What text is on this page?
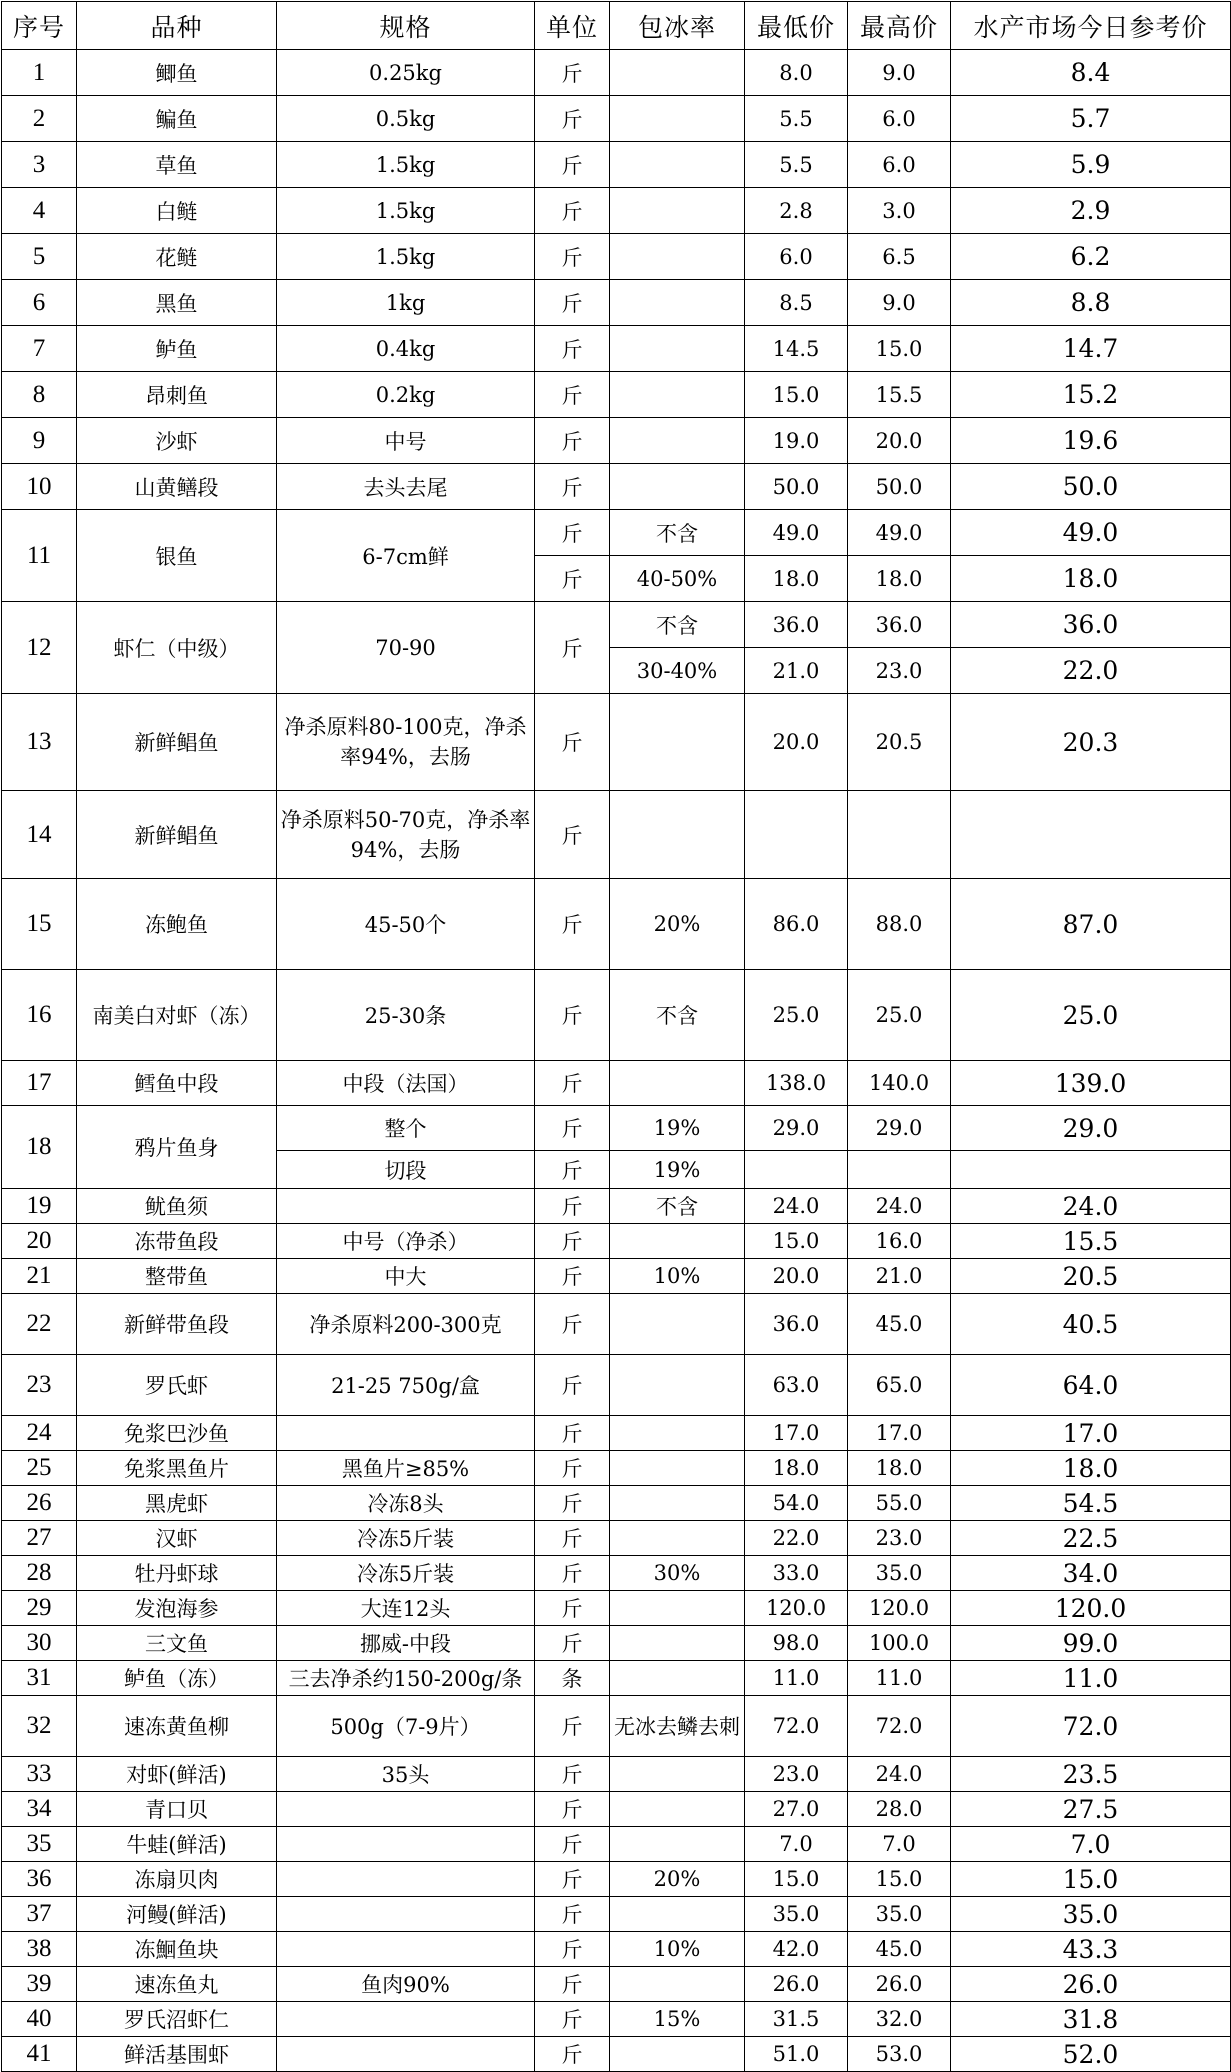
序号	品种	规格	单位	包冰率	最低价	最高价	水产市场今日参考价
1	鲫鱼	0.25kg	斤		8.0	9.0	8.4
2	鳊鱼	0.5kg	斤		5.5	6.0	5.7
3	草鱼	1.5kg	斤		5.5	6.0	5.9
4	白鲢	1.5kg	斤		2.8	3.0	2.9
5	花鲢	1.5kg	斤		6.0	6.5	6.2
6	黑鱼	1kg	斤		8.5	9.0	8.8
7	鲈鱼	0.4kg	斤		14.5	15.0	14.7
8	昂刺鱼	0.2kg	斤		15.0	15.5	15.2
9	沙虾	中号	斤		19.0	20.0	19.6
10	山黄鳝段	去头去尾	斤		50.0	50.0	50.0
11	银鱼	6-7cm鲜	斤	不含	49.0	49.0	49.0
			斤	40-50%	18.0	18.0	18.0
12	虾仁（中级）	70-90	斤	不含	36.0	36.0	36.0
				30-40%	21.0	23.0	22.0
13	新鲜鲳鱼	净杀原料80-100克，净杀率94%，去肠	斤		20.0	20.5	20.3
14	新鲜鲳鱼	净杀原料50-70克，净杀率94%，去肠	斤				
15	冻鲍鱼	45-50个	斤	20%	86.0	88.0	87.0
16	南美白对虾（冻）	25-30条	斤	不含	25.0	25.0	25.0
17	鳕鱼中段	中段（法国）	斤		138.0	140.0	139.0
18	鸦片鱼身	整个	斤	19%	29.0	29.0	29.0
		切段	斤	19%			
19	鱿鱼须		斤	不含	24.0	24.0	24.0
20	冻带鱼段	中号（净杀）	斤		15.0	16.0	15.5
21	整带鱼	中大	斤	10%	20.0	21.0	20.5
22	新鲜带鱼段	净杀原料200-300克	斤		36.0	45.0	40.5
23	罗氏虾	21-25 750g/盒	斤		63.0	65.0	64.0
24	免浆巴沙鱼		斤		17.0	17.0	17.0
25	免浆黑鱼片	黑鱼片≥85%	斤		18.0	18.0	18.0
26	黑虎虾	冷冻8头	斤		54.0	55.0	54.5
27	汉虾	冷冻5斤装	斤		22.0	23.0	22.5
28	牡丹虾球	冷冻5斤装	斤	30%	33.0	35.0	34.0
29	发泡海参	大连12头	斤		120.0	120.0	120.0
30	三文鱼	挪威-中段	斤		98.0	100.0	99.0
31	鲈鱼（冻）	三去净杀约150-200g/条	条		11.0	11.0	11.0
32	速冻黄鱼柳	500g（7-9片）	斤	无冰去鳞去刺	72.0	72.0	72.0
33	对虾(鲜活)	35头	斤		23.0	24.0	23.5
34	青口贝		斤		27.0	28.0	27.5
35	牛蛙(鲜活)		斤		7.0	7.0	7.0
36	冻扇贝肉		斤	20%	15.0	15.0	15.0
37	河鳗(鲜活)		斤		35.0	35.0	35.0
38	冻鮰鱼块		斤	10%	42.0	45.0	43.3
39	速冻鱼丸	鱼肉90%	斤		26.0	26.0	26.0
40	罗氏沼虾仁		斤	15%	31.5	32.0	31.8
41	鲜活基围虾		斤		51.0	53.0	52.0
